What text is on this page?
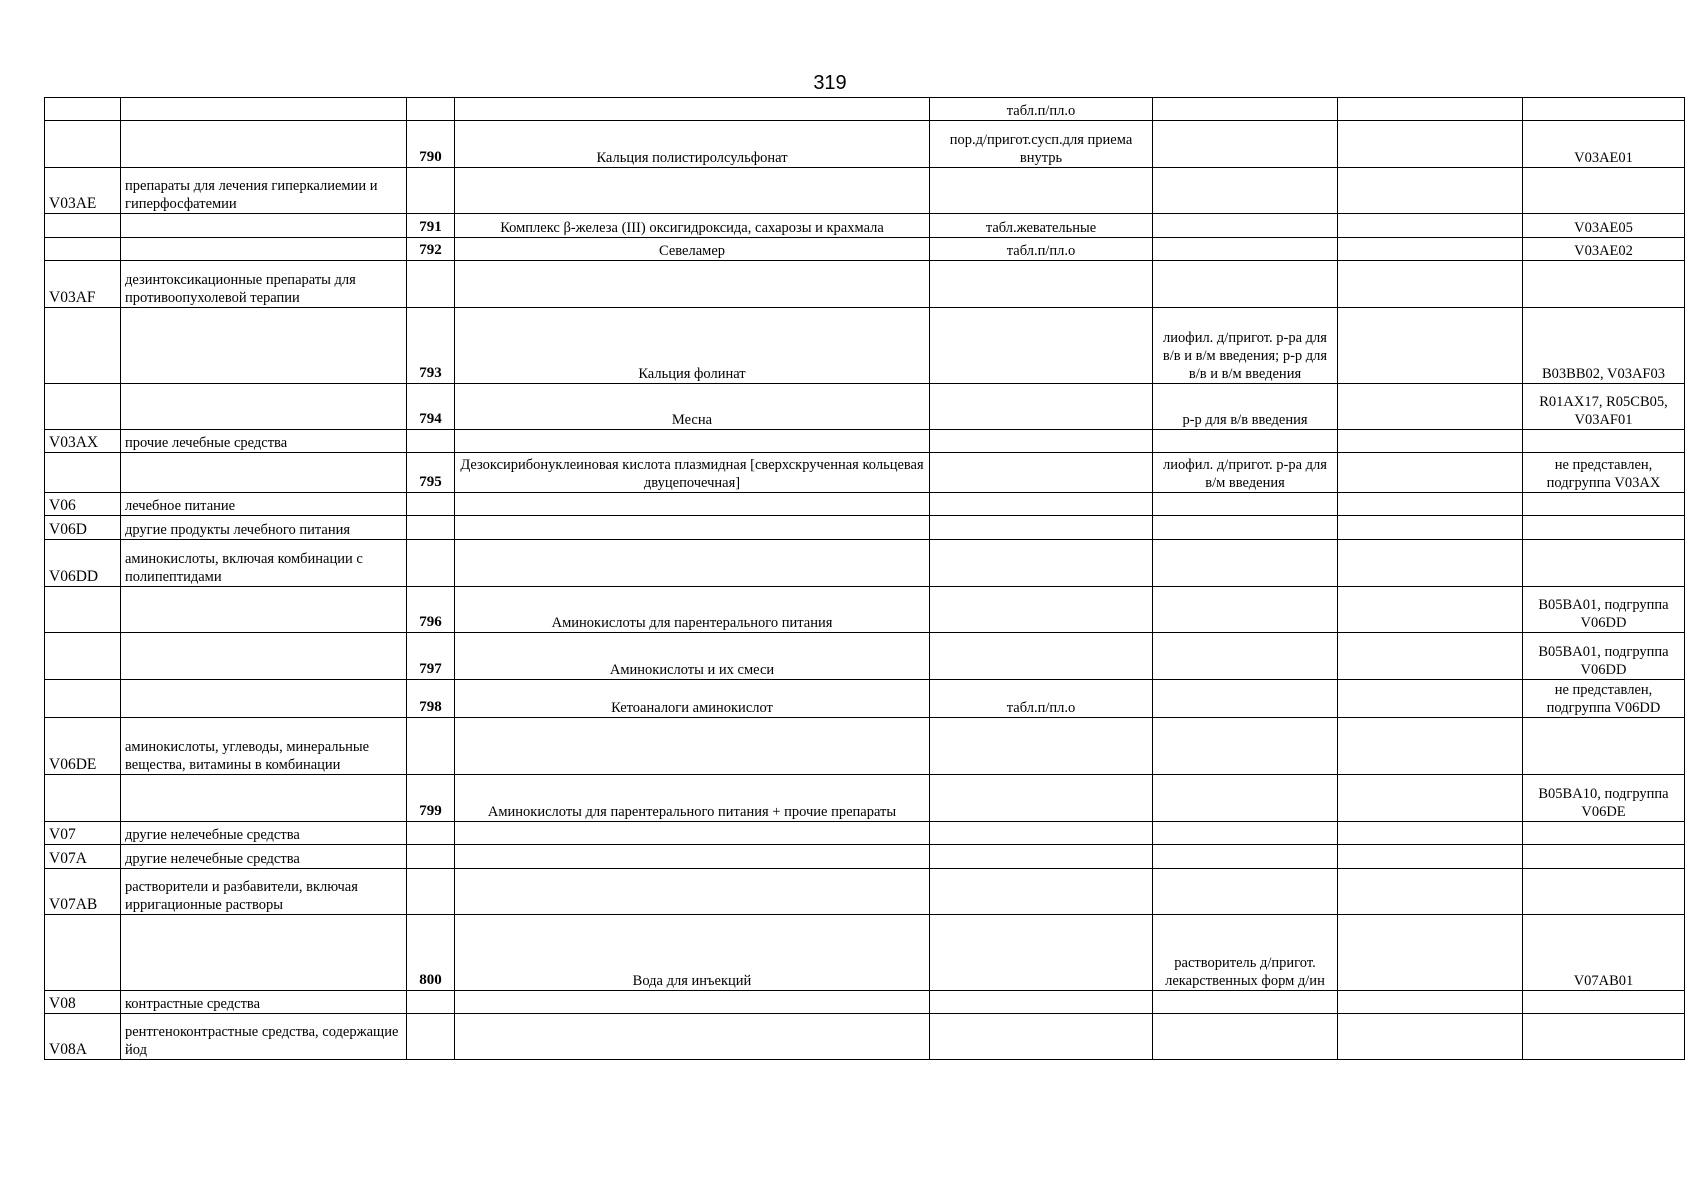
319
				табл.п/пл.о			
		790	Кальция полистиролсульфонат	пор.д/пригот.сусп.для приема внутрь			V03AE01
V03AE	препараты для лечения гиперкалиемии и гиперфосфатемии						
		791	Комплекс β-железа (III) оксигидроксида, сахарозы и крахмала	табл.жевательные			V03AE05
		792	Севеламер	табл.п/пл.о			V03AE02
V03AF	дезинтоксикационные препараты для противоопухолевой терапии						
		793	Кальция фолинат		лиофил. д/пригот. р-ра для в/в и в/м введения; р-р для в/в и в/м введения		B03BB02, V03AF03
		794	Месна		р-р для в/в введения		R01AX17, R05CB05, V03AF01
V03AX	прочие лечебные средства						
		795	Дезоксирибонуклеиновая кислота плазмидная [сверхскрученная кольцевая двуцепочечная]		лиофил. д/пригот. р-ра для в/м введения		не представлен, подгруппа V03AX
V06	лечебное питание						
V06D	другие продукты лечебного питания						
V06DD	аминокислоты, включая комбинации с полипептидами						
		796	Аминокислоты для парентерального питания				B05BA01, подгруппа V06DD
		797	Аминокислоты и их смеси				B05BA01, подгруппа V06DD
		798	Кетоаналоги аминокислот	табл.п/пл.о			не представлен, подгруппа V06DD
V06DE	аминокислоты, углеводы, минеральные вещества, витамины в комбинации						
		799	Аминокислоты для парентерального питания + прочие препараты				B05BA10, подгруппа V06DE
V07	другие нелечебные средства						
V07A	другие нелечебные средства						
V07AB	растворители и разбавители, включая ирригационные растворы						
		800	Вода для инъекций		растворитель д/пригот. лекарственных форм д/ин		V07AB01
V08	контрастные средства						
V08A	рентгеноконтрастные средства, содержащие йод						
